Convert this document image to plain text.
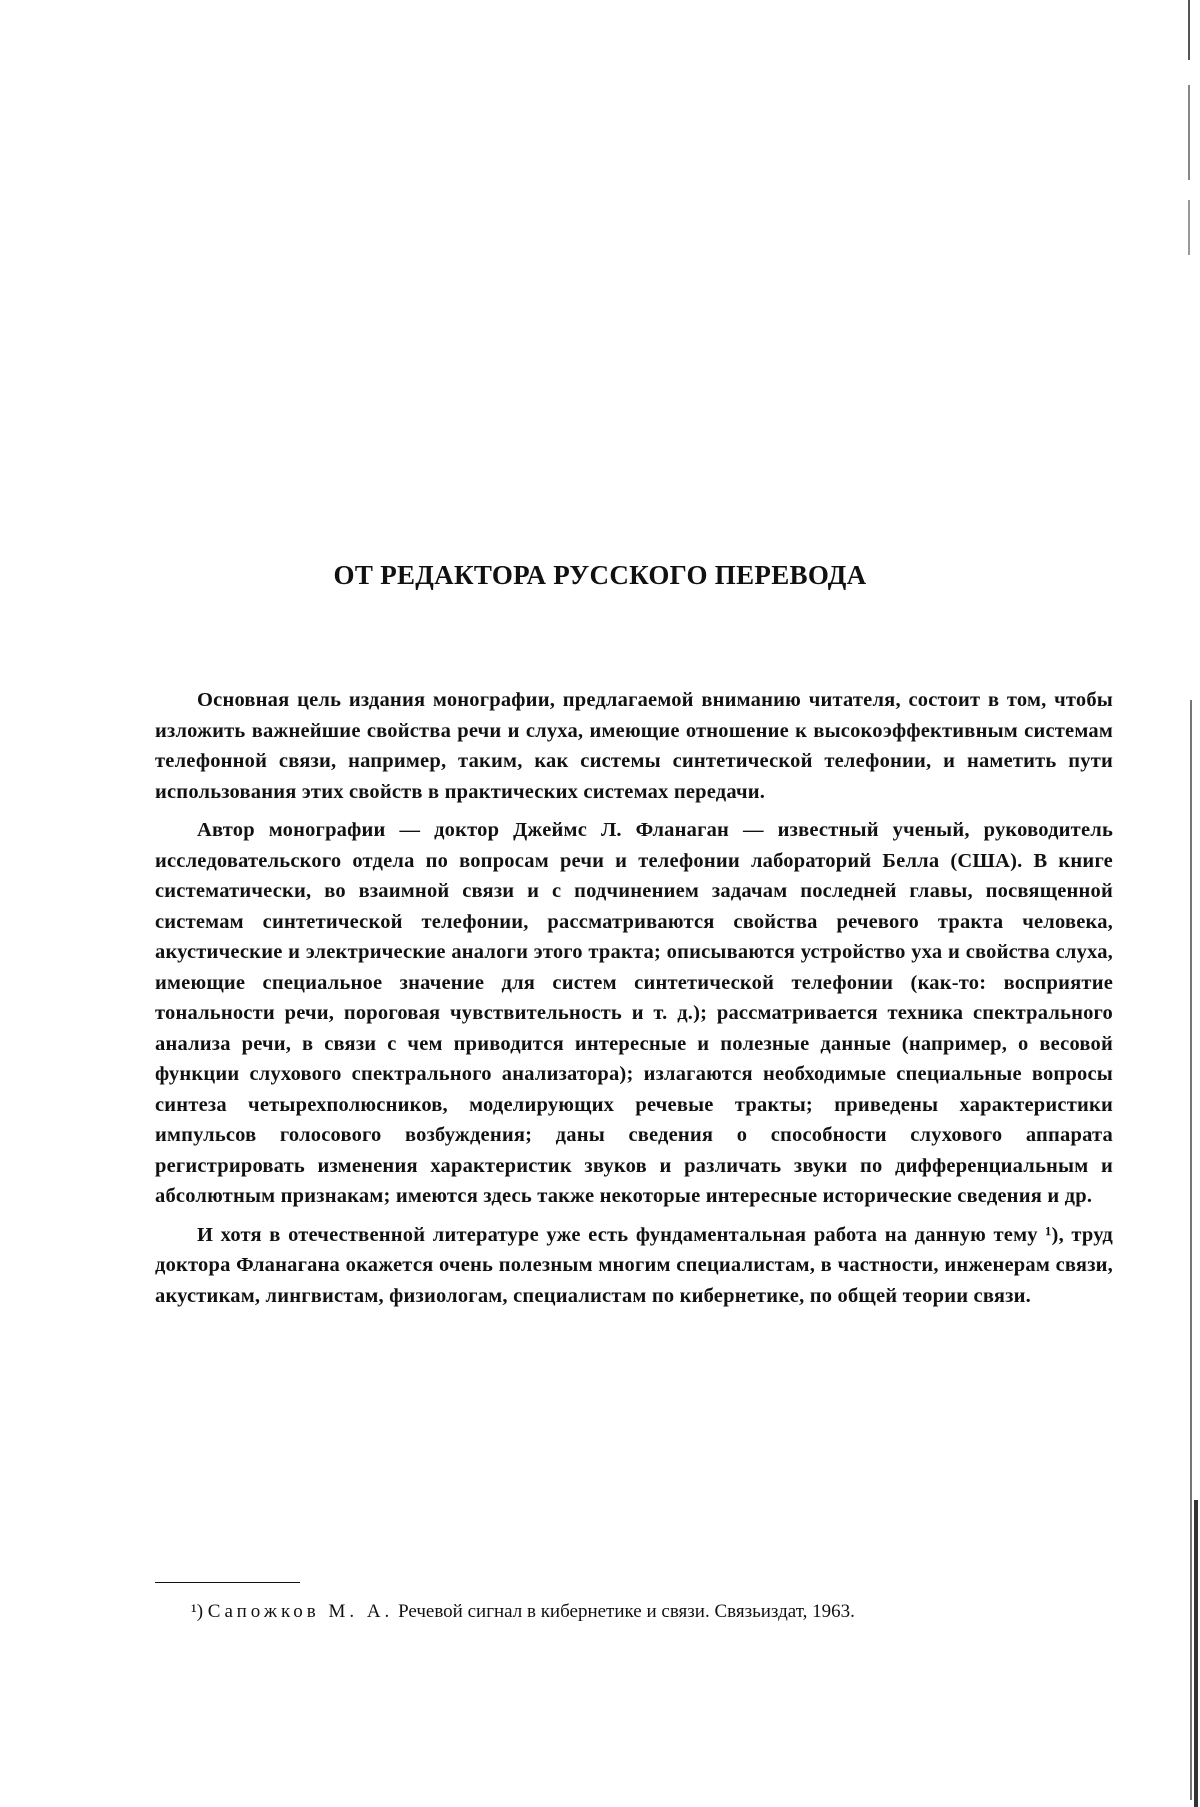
ОТ РЕДАКТОРА РУССКОГО ПЕРЕВОДА

Основная цель издания монографии, предлагаемой вниманию читателя, состоит в том, чтобы изложить важнейшие свойства речи и слуха, имеющие отношение к высокоэффективным системам телефонной связи, например, таким, как системы синтетической телефонии, и наметить пути использования этих свойств в практических системах передачи.

Автор монографии — доктор Джеймс Л. Фланаган — известный ученый, руководитель исследовательского отдела по вопросам речи и телефонии лабораторий Белла (США). В книге систематически, во взаимной связи и с подчинением задачам последней главы, посвященной системам синтетической телефонии, рассматриваются свойства речевого тракта человека, акустические и электрические аналоги этого тракта; описываются устройство уха и свойства слуха, имеющие специальное значение для систем синтетической телефонии (как-то: восприятие тональности речи, пороговая чувствительность и т. д.); рассматривается техника спектрального анализа речи, в связи с чем приводится интересные и полезные данные (например, о весовой функции слухового спектрального анализатора); излагаются необходимые специальные вопросы синтеза четырехполюсников, моделирующих речевые тракты; приведены характеристики импульсов голосового возбуждения; даны сведения о способности слухового аппарата регистрировать изменения характеристик звуков и различать звуки по дифференциальным и абсолютным признакам; имеются здесь также некоторые интересные исторические сведения и др.

И хотя в отечественной литературе уже есть фундаментальная работа на данную тему ¹), труд доктора Фланагана окажется очень полезным многим специалистам, в частности, инженерам связи, акустикам, лингвистам, физиологам, специалистам по кибернетике, по общей теории связи.

¹) Сапожков М. А. Речевой сигнал в кибернетике и связи. Связьиздат, 1963.
